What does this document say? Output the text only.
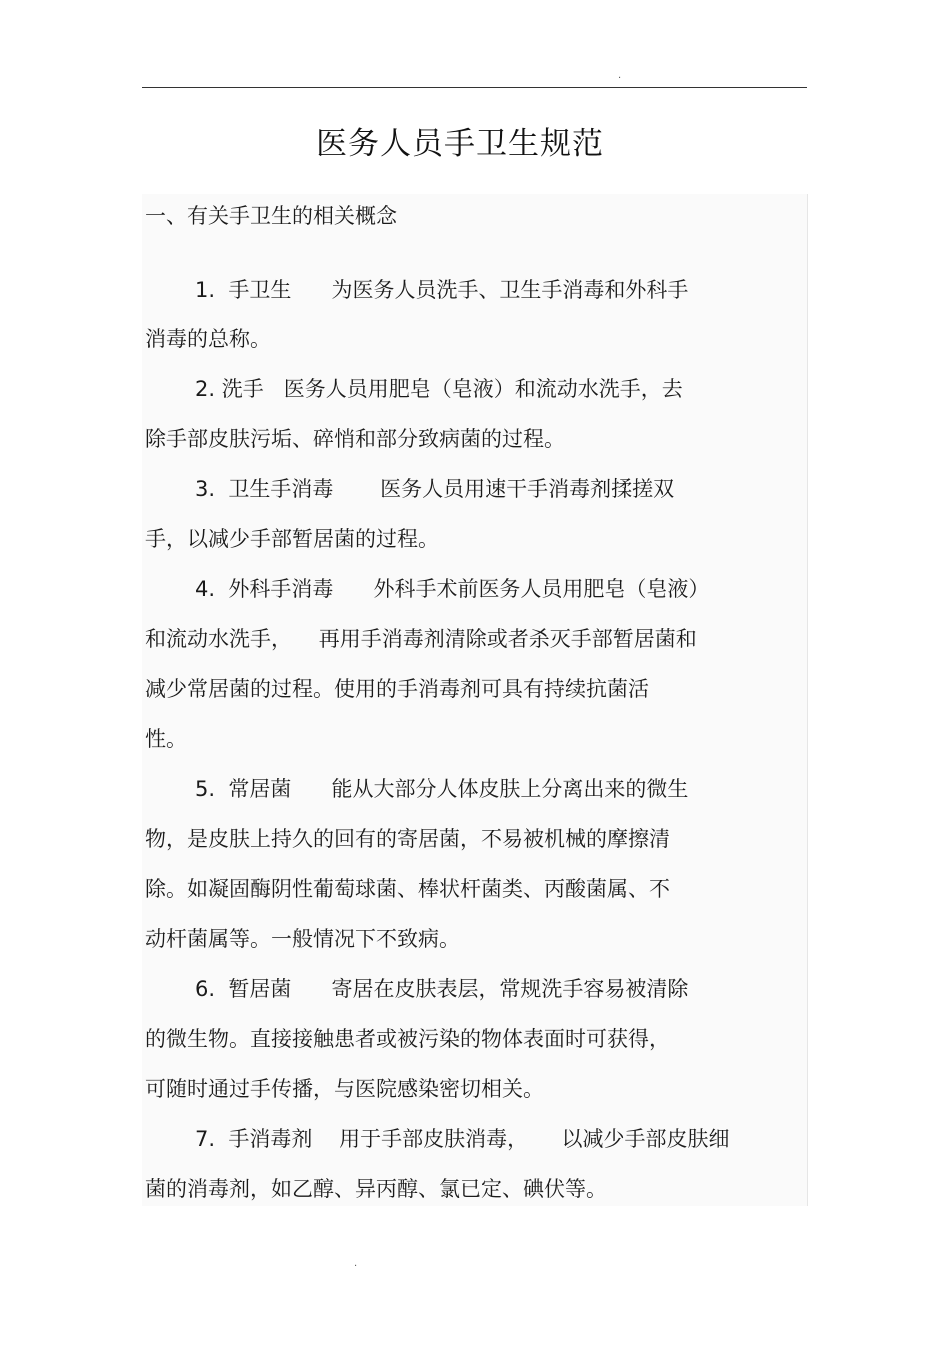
.
医务人员手卫生规范
一、有关手卫生的相关概念
1.  手卫生      为医务人员洗手、卫生手消毒和外科手
消毒的总称。
2. 洗手   医务人员用肥皂（皂液）和流动水洗手，去
除手部皮肤污垢、碎悄和部分致病菌的过程。
3.  卫生手消毒       医务人员用速干手消毒剂揉搓双
手，以减少手部暂居菌的过程。
4.  外科手消毒      外科手术前医务人员用肥皂（皂液）
和流动水洗手，    再用手消毒剂清除或者杀灭手部暂居菌和
减少常居菌的过程。使用的手消毒剂可具有持续抗菌活
性。
5.  常居菌      能从大部分人体皮肤上分离出来的微生
物，是皮肤上持久的回有的寄居菌，不易被机械的摩擦清
除。如凝固酶阴性葡萄球菌、棒状杆菌类、丙酸菌属、不
动杆菌属等。一般情况下不致病。
6.  暂居菌      寄居在皮肤表层，常规洗手容易被清除
的微生物。直接接触患者或被污染的物体表面时可获得，
可随时通过手传播，与医院感染密切相关。
7.  手消毒剂    用于手部皮肤消毒，     以减少手部皮肤细
菌的消毒剂，如乙醇、异丙醇、氯已定、碘伏等。
.
